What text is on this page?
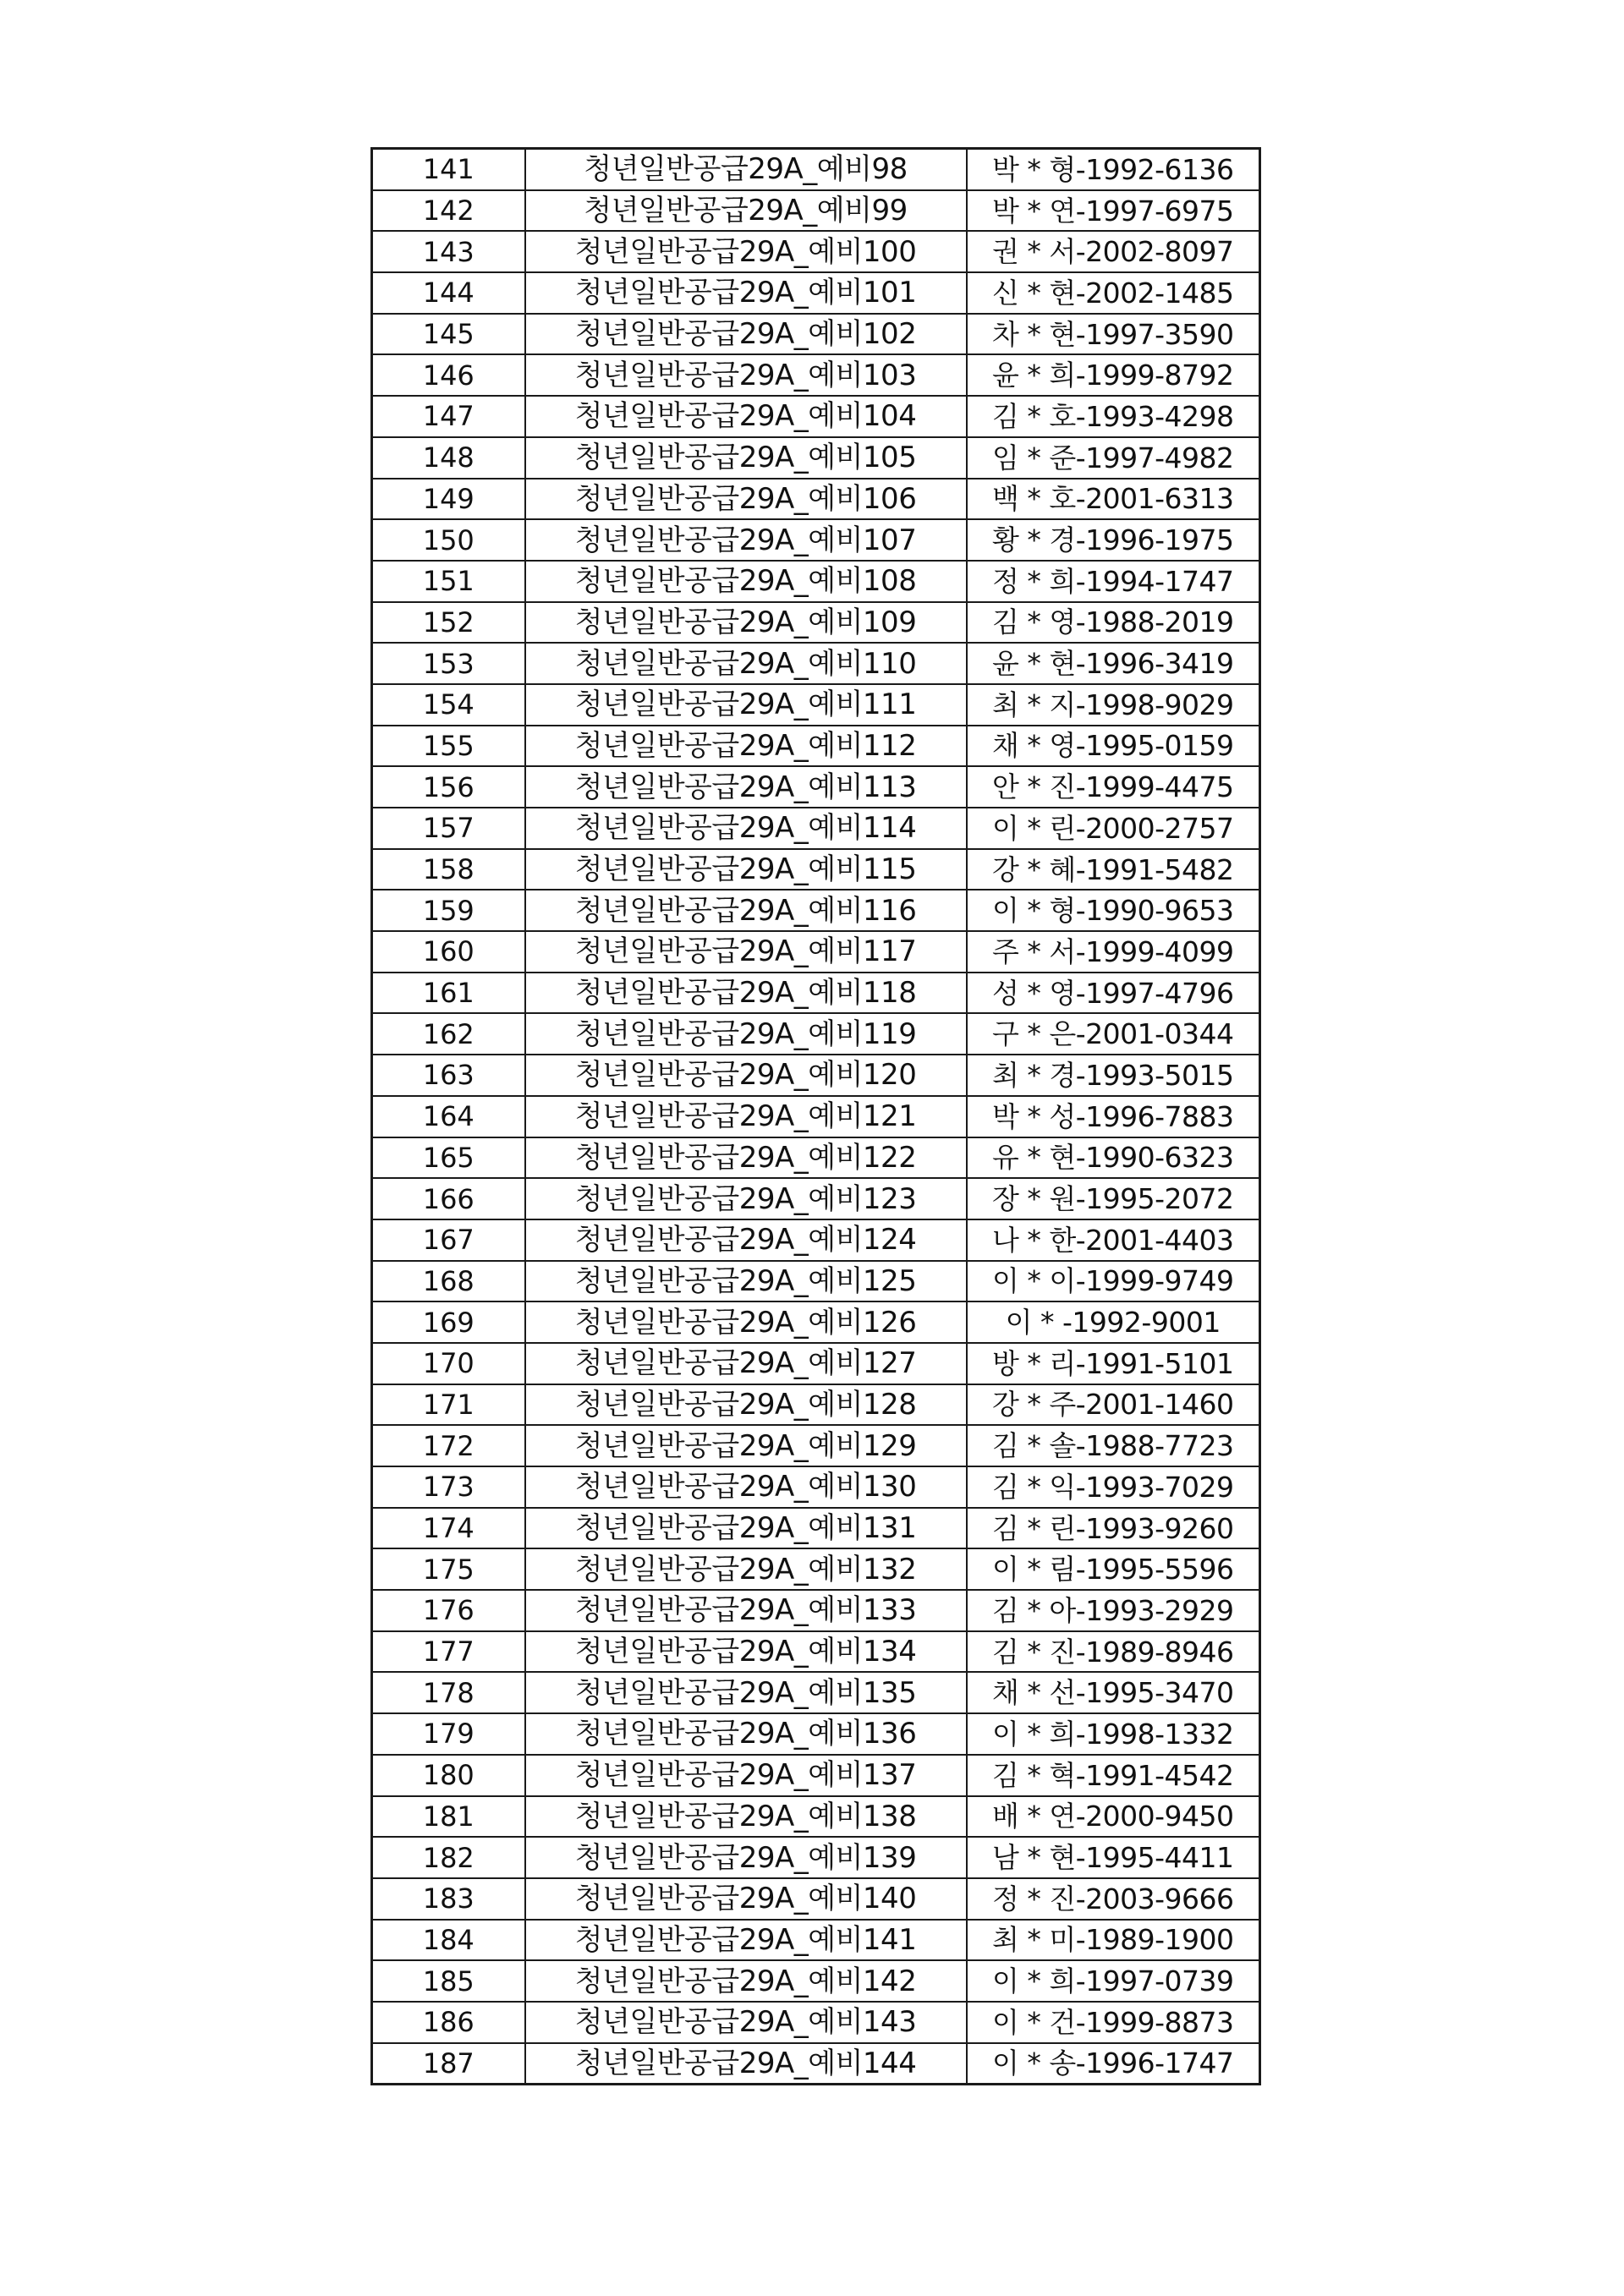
141	청년일반공급29A_예비98	박 * 형-1992-6136
142	청년일반공급29A_예비99	박 * 연-1997-6975
143	청년일반공급29A_예비100	권 * 서-2002-8097
144	청년일반공급29A_예비101	신 * 현-2002-1485
145	청년일반공급29A_예비102	차 * 현-1997-3590
146	청년일반공급29A_예비103	윤 * 희-1999-8792
147	청년일반공급29A_예비104	김 * 호-1993-4298
148	청년일반공급29A_예비105	임 * 준-1997-4982
149	청년일반공급29A_예비106	백 * 호-2001-6313
150	청년일반공급29A_예비107	황 * 경-1996-1975
151	청년일반공급29A_예비108	정 * 희-1994-1747
152	청년일반공급29A_예비109	김 * 영-1988-2019
153	청년일반공급29A_예비110	윤 * 현-1996-3419
154	청년일반공급29A_예비111	최 * 지-1998-9029
155	청년일반공급29A_예비112	채 * 영-1995-0159
156	청년일반공급29A_예비113	안 * 진-1999-4475
157	청년일반공급29A_예비114	이 * 린-2000-2757
158	청년일반공급29A_예비115	강 * 혜-1991-5482
159	청년일반공급29A_예비116	이 * 형-1990-9653
160	청년일반공급29A_예비117	주 * 서-1999-4099
161	청년일반공급29A_예비118	성 * 영-1997-4796
162	청년일반공급29A_예비119	구 * 은-2001-0344
163	청년일반공급29A_예비120	최 * 경-1993-5015
164	청년일반공급29A_예비121	박 * 성-1996-7883
165	청년일반공급29A_예비122	유 * 현-1990-6323
166	청년일반공급29A_예비123	장 * 원-1995-2072
167	청년일반공급29A_예비124	나 * 한-2001-4403
168	청년일반공급29A_예비125	이 * 이-1999-9749
169	청년일반공급29A_예비126	이 * -1992-9001
170	청년일반공급29A_예비127	방 * 리-1991-5101
171	청년일반공급29A_예비128	강 * 주-2001-1460
172	청년일반공급29A_예비129	김 * 솔-1988-7723
173	청년일반공급29A_예비130	김 * 익-1993-7029
174	청년일반공급29A_예비131	김 * 린-1993-9260
175	청년일반공급29A_예비132	이 * 림-1995-5596
176	청년일반공급29A_예비133	김 * 아-1993-2929
177	청년일반공급29A_예비134	김 * 진-1989-8946
178	청년일반공급29A_예비135	채 * 선-1995-3470
179	청년일반공급29A_예비136	이 * 희-1998-1332
180	청년일반공급29A_예비137	김 * 혁-1991-4542
181	청년일반공급29A_예비138	배 * 연-2000-9450
182	청년일반공급29A_예비139	남 * 현-1995-4411
183	청년일반공급29A_예비140	정 * 진-2003-9666
184	청년일반공급29A_예비141	최 * 미-1989-1900
185	청년일반공급29A_예비142	이 * 희-1997-0739
186	청년일반공급29A_예비143	이 * 건-1999-8873
187	청년일반공급29A_예비144	이 * 송-1996-1747
